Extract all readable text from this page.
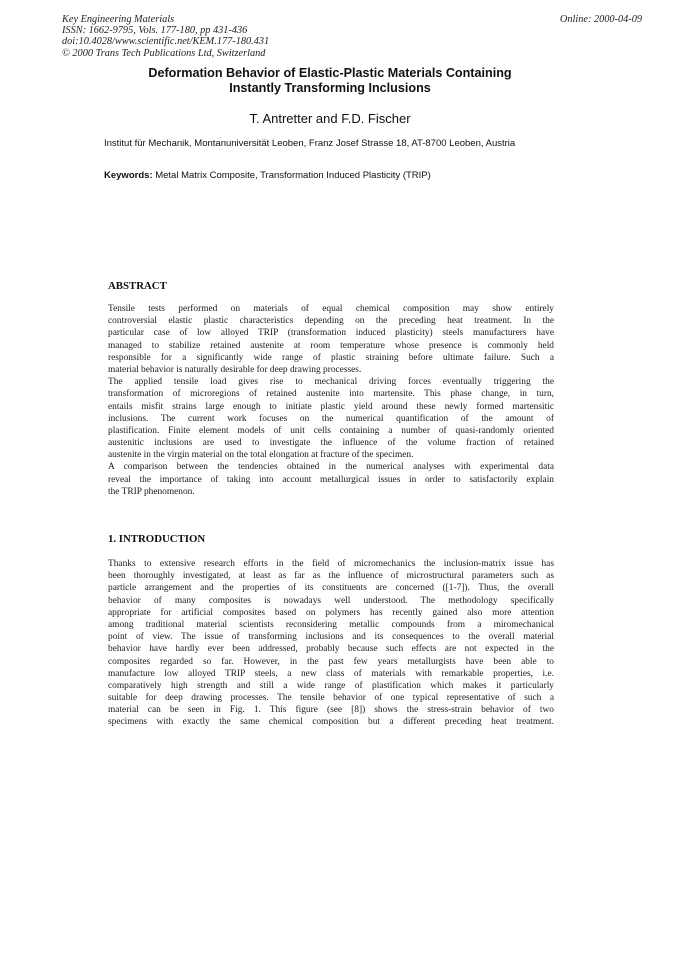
Key Engineering Materials
ISSN: 1662-9795, Vols. 177-180, pp 431-436
doi:10.4028/www.scientific.net/KEM.177-180.431
© 2000 Trans Tech Publications Ltd, Switzerland
Online: 2000-04-09
Deformation Behavior of Elastic-Plastic Materials Containing
Instantly Transforming Inclusions
T. Antretter and F.D. Fischer
Institut für Mechanik, Montanuniversität Leoben, Franz Josef Strasse 18, AT-8700 Leoben, Austria
Keywords: Metal Matrix Composite, Transformation Induced Plasticity (TRIP)
ABSTRACT
Tensile tests performed on materials of equal chemical composition may show entirely
controversial elastic plastic characteristics depending on the preceding heat treatment. In the
particular case of low alloyed TRIP (transformation induced plasticity) steels manufacturers have
managed to stabilize retained austenite at room temperature whose presence is commonly held
responsible for a significantly wide range of plastic straining before ultimate failure. Such a
material behavior is naturally desirable for deep drawing processes.
The applied tensile load gives rise to mechanical driving forces eventually triggering the
transformation of microregions of retained austenite into martensite. This phase change, in turn,
entails misfit strains large enough to initiate plastic yield around these newly formed martensitic
inclusions. The current work focuses on the numerical quantification of the amount of
plastification. Finite element models of unit cells containing a number of quasi-randomly oriented
austenitic inclusions are used to investigate the influence of the volume fraction of retained
austenite in the virgin material on the total elongation at fracture of the specimen.
A comparison between the tendencies obtained in the numerical analyses with experimental data
reveal the importance of taking into account metallurgical issues in order to satisfactorily explain
the TRIP phenomenon.
1. INTRODUCTION
Thanks to extensive research efforts in the field of micromechanics the inclusion-matrix issue has
been thoroughly investigated, at least as far as the influence of microstructural parameters such as
particle arrangement and the properties of its constituents are concerned ([1-7]). Thus, the overall
behavior of many composites is nowadays well understood. The methodology specifically
appropriate for artificial composites based on polymers has recently gained also more attention
among traditional material scientists reconsidering metallic compounds from a miromechanical
point of view. The issue of transforming inclusions and its consequences to the overall material
behavior have hardly ever been addressed, probably because such effects are not expected in the
composites regarded so far. However, in the past few years metallurgists have been able to
manufacture low alloyed TRIP steels, a new class of materials with remarkable properties, i.e.
comparatively high strength and still a wide range of plastification which makes it particularly
suitable for deep drawing processes. The tensile behavior of one typical representative of such a
material can be seen in Fig. 1. This figure (see [8]) shows the stress-strain behavior of two
specimens with exactly the same chemical composition but a different preceding heat treatment.
